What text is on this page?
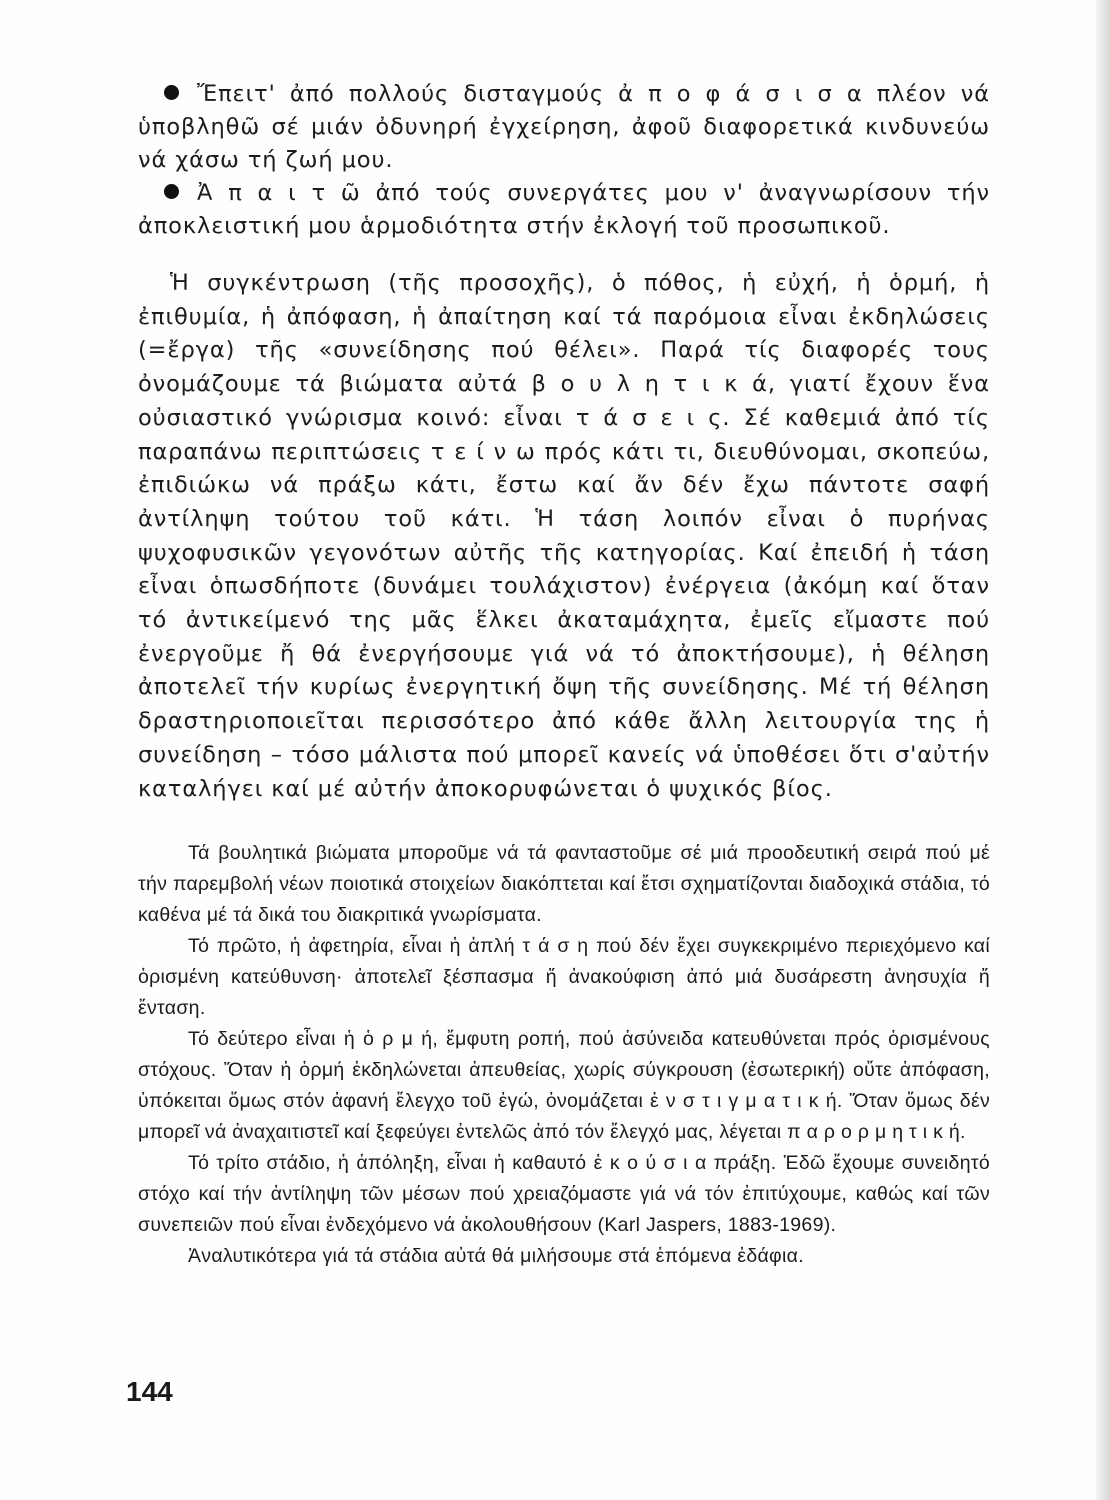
Ἔπειτ' ἀπό πολλούς δισταγμούς ἀ π ο φ ά σ ι σ α πλέον νά ὑποβληθῶ σέ μιάν ὀδυνηρή ἐγχείρηση, ἀφοῦ διαφορετικά κινδυνεύω νά χάσω τή ζωή μου.

Ἀ π α ι τ ῶ ἀπό τούς συνεργάτες μου ν' ἀναγνωρίσουν τήν ἀποκλειστική μου ἁρμοδιότητα στήν ἐκλογή τοῦ προσωπικοῦ.

Ἡ συγκέντρωση (τῆς προσοχῆς), ὁ πόθος, ἡ εὐχή, ἡ ὁρμή, ἡ ἐπιθυμία, ἡ ἀπόφαση, ἡ ἀπαίτηση καί τά παρόμοια εἶναι ἐκδηλώσεις (=ἔργα) τῆς «συνείδησης πού θέλει». Παρά τίς διαφορές τους ὀνομάζουμε τά βιώματα αὐτά β ο υ λ η τ ι κ ά, γιατί ἔχουν ἕνα οὐσιαστικό γνώρισμα κοινό: εἶναι τ ά σ ε ι ς. Σέ καθεμιά ἀπό τίς παραπάνω περιπτώσεις τ ε ί ν ω πρός κάτι τι, διευθύνομαι, σκοπεύω, ἐπιδιώκω νά πράξω κάτι, ἔστω καί ἄν δέν ἔχω πάντοτε σαφή ἀντίληψη τούτου τοῦ κάτι. Ἡ τάση λοιπόν εἶναι ὁ πυρήνας ψυχοφυσικῶν γεγονότων αὐτῆς τῆς κατηγορίας. Καί ἐπειδή ἡ τάση εἶναι ὁπωσδήποτε (δυνάμει τουλάχιστον) ἐνέργεια (ἀκόμη καί ὅταν τό ἀντικείμενό της μᾶς ἕλκει ἀκαταμάχητα, ἐμεῖς εἴμαστε πού ἐνεργοῦμε ἤ θά ἐνεργήσουμε γιά νά τό ἀποκτήσουμε), ἡ θέληση ἀποτελεῖ τήν κυρίως ἐνεργητική ὄψη τῆς συνείδησης. Μέ τή θέληση δραστηριοποιεῖται περισσότερο ἀπό κάθε ἄλλη λειτουργία της ἡ συνείδηση – τόσο μάλιστα πού μπορεῖ κανείς νά ὑποθέσει ὅτι σ'αὐτήν καταλήγει καί μέ αὐτήν ἀποκορυφώνεται ὁ ψυχικός βίος.

Τά βουλητικά βιώματα μποροῦμε νά τά φανταστοῦμε σέ μιά προοδευτική σειρά πού μέ τήν παρεμβολή νέων ποιοτικά στοιχείων διακόπτεται καί ἔτσι σχηματίζονται διαδοχικά στάδια, τό καθένα μέ τά δικά του διακριτικά γνωρίσματα.

Τό πρῶτο, ἡ ἀφετηρία, εἶναι ἡ ἁπλή τ ά σ η πού δέν ἔχει συγκεκριμένο περιεχόμενο καί ὁρισμένη κατεύθυνση· ἀποτελεῖ ξέσπασμα ἤ ἀνακούφιση ἀπό μιά δυσάρεστη ἀνησυχία ἤ ἔνταση.

Τό δεύτερο εἶναι ἡ ὁ ρ μ ή, ἔμφυτη ροπή, πού ἀσύνειδα κατευθύνεται πρός ὁρισμένους στόχους. Ὅταν ἡ ὁρμή ἐκδηλώνεται ἀπευθείας, χωρίς σύγκρουση (ἐσωτερική) οὔτε ἀπόφαση, ὑπόκειται ὅμως στόν ἀφανή ἔλεγχο τοῦ ἐγώ, ὀνομάζεται ἐ ν σ τ ι γ μ α τ ι κ ή. Ὅταν ὅμως δέν μπορεῖ νά ἀναχαιτιστεῖ καί ξεφεύγει ἐντελῶς ἀπό τόν ἔλεγχό μας, λέγεται π α ρ ο ρ μ η τ ι κ ή.

Τό τρίτο στάδιο, ἡ ἀπόληξη, εἶναι ἡ καθαυτό ἑ κ ο ύ σ ι α πράξη. Ἐδῶ ἔχουμε συνειδητό στόχο καί τήν ἀντίληψη τῶν μέσων πού χρειαζόμαστε γιά νά τόν ἐπιτύχουμε, καθώς καί τῶν συνεπειῶν πού εἶναι ἐνδεχόμενο νά ἀκολουθήσουν (Karl Jaspers, 1883-1969).

Ἀναλυτικότερα γιά τά στάδια αὐτά θά μιλήσουμε στά ἑπόμενα ἐδάφια.

144
